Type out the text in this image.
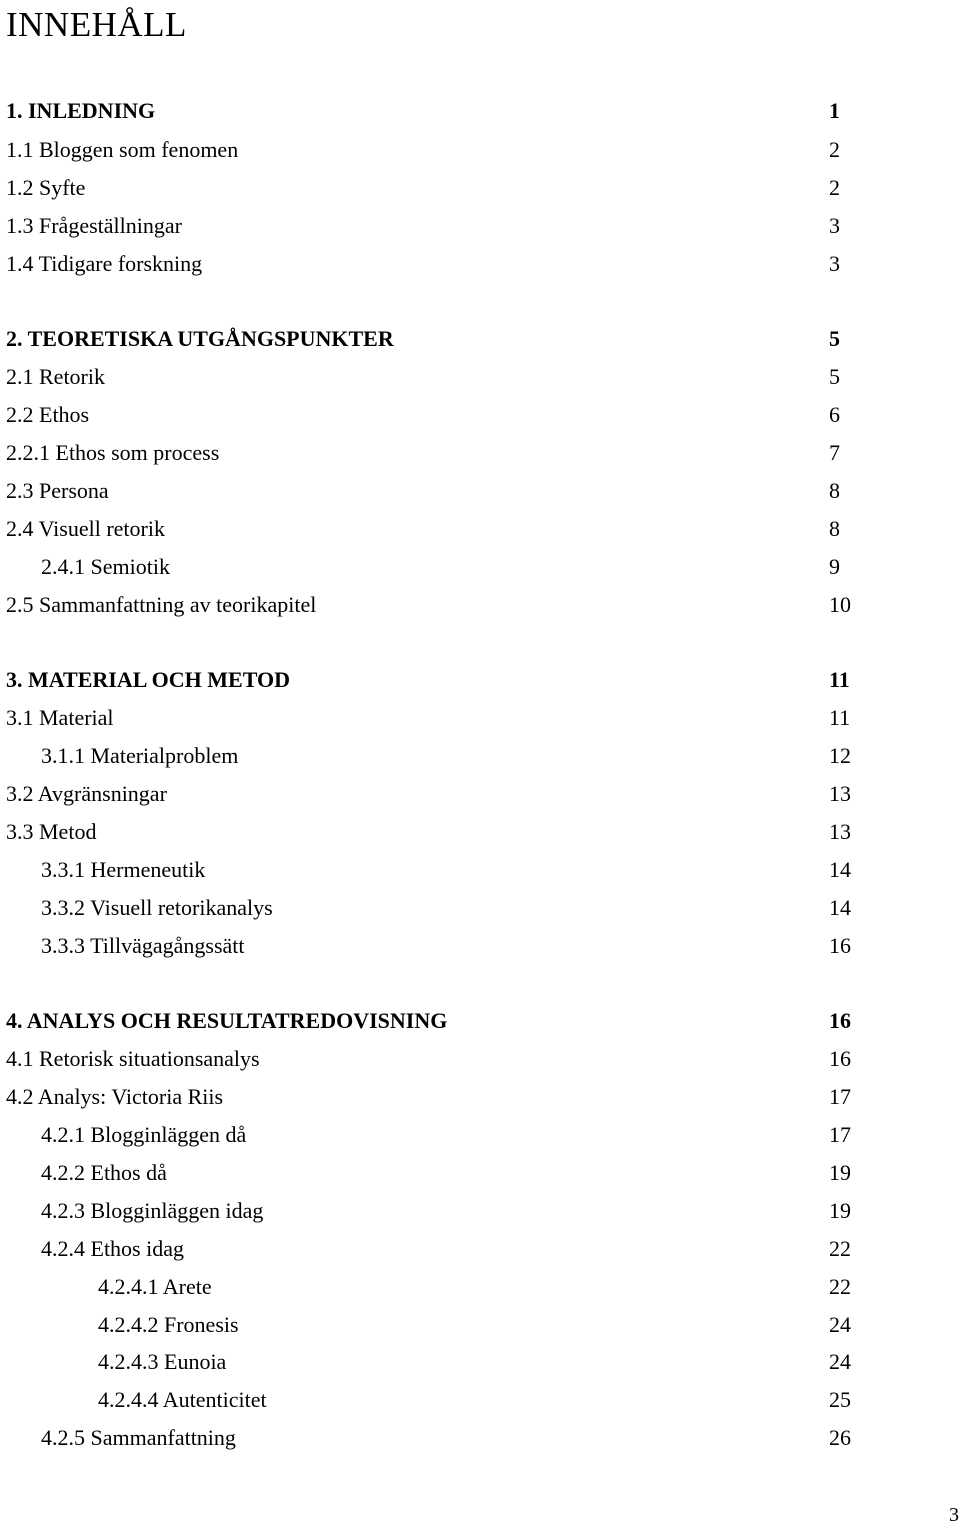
INNEHÅLL
1. INLEDNING	1
1.1 Bloggen som fenomen	2
1.2 Syfte	2
1.3 Frågeställningar	3
1.4 Tidigare forskning	3
2. TEORETISKA UTGÅNGSPUNKTER	5
2.1 Retorik	5
2.2 Ethos	6
2.2.1 Ethos som process	7
2.3 Persona	8
2.4 Visuell retorik	8
2.4.1 Semiotik	9
2.5 Sammanfattning av teorikapitel	10
3. MATERIAL OCH METOD	11
3.1 Material	11
3.1.1 Materialproblem	12
3.2 Avgränsningar	13
3.3 Metod	13
3.3.1 Hermeneutik	14
3.3.2 Visuell retorikanalys	14
3.3.3 Tillvägagångssätt	16
4. ANALYS OCH RESULTATREDOVISNING	16
4.1 Retorisk situationsanalys	16
4.2 Analys: Victoria Riis	17
4.2.1 Blogginläggen då	17
4.2.2 Ethos då	19
4.2.3 Blogginläggen idag	19
4.2.4 Ethos idag	22
4.2.4.1 Arete	22
4.2.4.2 Fronesis	24
4.2.4.3 Eunoia	24
4.2.4.4 Autenticitet	25
4.2.5 Sammanfattning	26
3
